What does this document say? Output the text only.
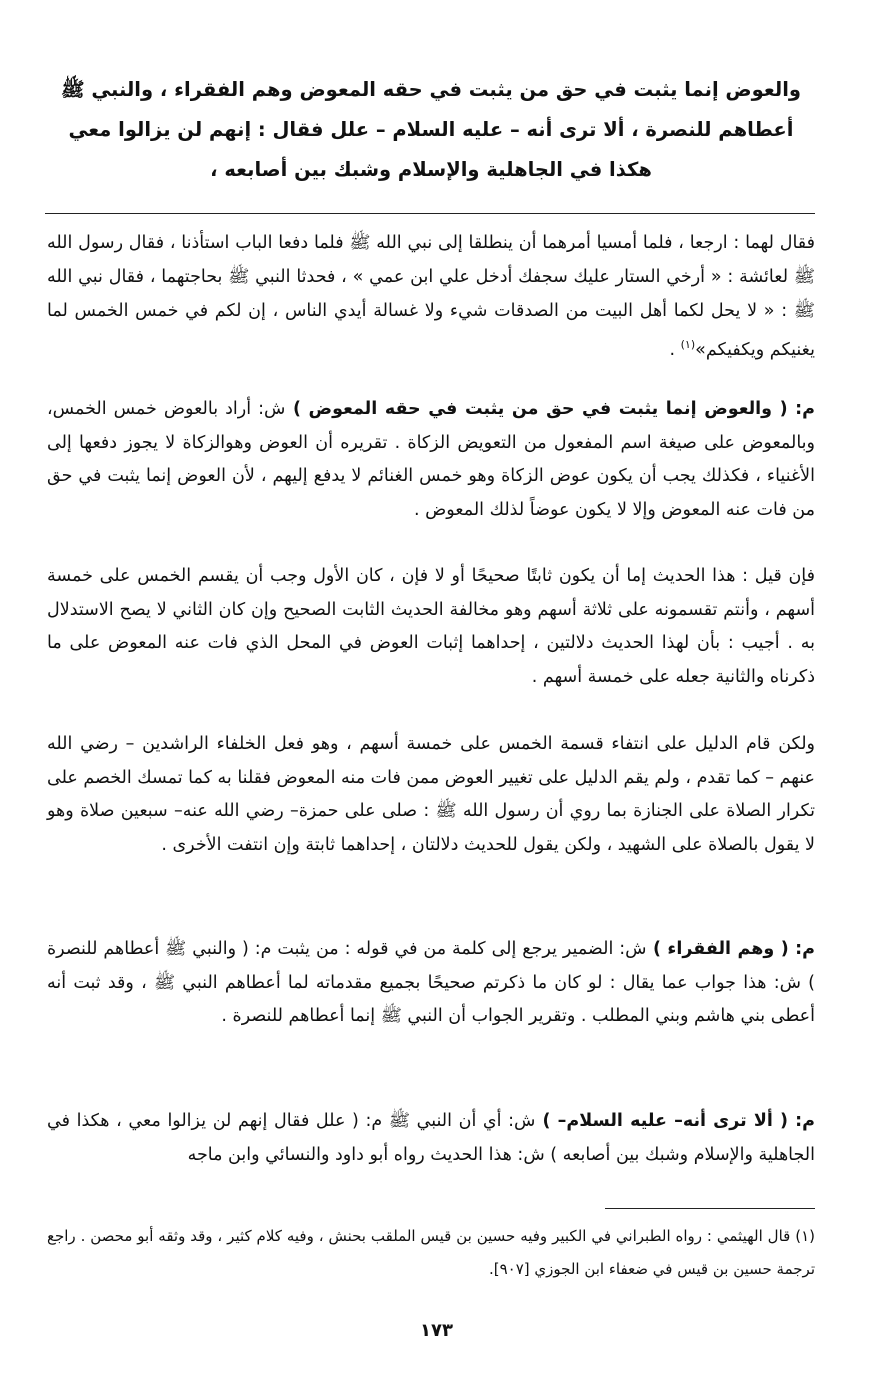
والعوض إنما يثبت في حق من يثبت في حقه المعوض وهم الفقراء ، والنبي ﷺ أعطاهم للنصرة ، ألا ترى أنه – عليه السلام – علل فقال : إنهم لن يزالوا معي هكذا في الجاهلية والإسلام وشبك بين أصابعه ،

فقال لهما : ارجعا ، فلما أمسيا أمرهما أن ينطلقا إلى نبي الله ﷺ فلما دفعا الباب استأذنا ، فقال رسول الله ﷺ لعائشة : « أرخي الستار عليك سجفك أدخل علي ابن عمي » ، فحدثا النبي ﷺ بحاجتهما ، فقال نبي الله ﷺ : « لا يحل لكما أهل البيت من الصدقات شيء ولا غسالة أيدي الناس ، إن لكم في خمس الخمس لما يغنيكم ويكفيكم»$^{(١)}$ .

م: ( والعوض إنما يثبت في حق من يثبت في حقه المعوض ) ش: أراد بالعوض خمس الخمس، وبالمعوض على صيغة اسم المفعول من التعويض الزكاة . تقريره أن العوض وهوالزكاة لا يجوز دفعها إلى الأغنياء ، فكذلك يجب أن يكون عوض الزكاة وهو خمس الغنائم لا يدفع إليهم ، لأن العوض إنما يثبت في حق من فات عنه المعوض وإلا لا يكون عوضاً لذلك المعوض .

فإن قيل : هذا الحديث إما أن يكون ثابتًا صحيحًا أو لا فإن ، كان الأول وجب أن يقسم الخمس على خمسة أسهم ، وأنتم تقسمونه على ثلاثة أسهم وهو مخالفة الحديث الثابت الصحيح وإن كان الثاني لا يصح الاستدلال به . أجيب : بأن لهذا الحديث دلالتين ، إحداهما إثبات العوض في المحل الذي فات عنه المعوض على ما ذكرناه والثانية جعله على خمسة أسهم .

ولكن قام الدليل على انتفاء قسمة الخمس على خمسة أسهم ، وهو فعل الخلفاء الراشدين – رضي الله عنهم – كما تقدم ، ولم يقم الدليل على تغيير العوض ممن فات منه المعوض فقلنا به كما تمسك الخصم على تكرار الصلاة على الجنازة بما روي أن رسول الله ﷺ : صلى على حمزة– رضي الله عنه– سبعين صلاة وهو لا يقول بالصلاة على الشهيد ، ولكن يقول للحديث دلالتان ، إحداهما ثابتة وإن انتفت الأخرى .

م: ( وهم الفقراء ) ش: الضمير يرجع إلى كلمة من في قوله : من يثبت م: ( والنبي ﷺ أعطاهم للنصرة ) ش: هذا جواب عما يقال : لو كان ما ذكرتم صحيحًا بجميع مقدماته لما أعطاهم النبي ﷺ ، وقد ثبت أنه أعطى بني هاشم وبني المطلب . وتقرير الجواب أن النبي ﷺ إنما أعطاهم للنصرة .

م: ( ألا ترى أنه– عليه السلام– ) ش: أي أن النبي ﷺ م: ( علل فقال إنهم لن يزالوا معي ، هكذا في الجاهلية والإسلام وشبك بين أصابعه ) ش: هذا الحديث رواه أبو داود والنسائي وابن ماجه

(١) قال الهيثمي : رواه الطبراني في الكبير وفيه حسين بن قيس الملقب بحنش ، وفيه كلام كثير ، وقد وثقه أبو محصن . راجع ترجمة حسين بن قيس في ضعفاء ابن الجوزي [٩٠٧].

١٧٣
